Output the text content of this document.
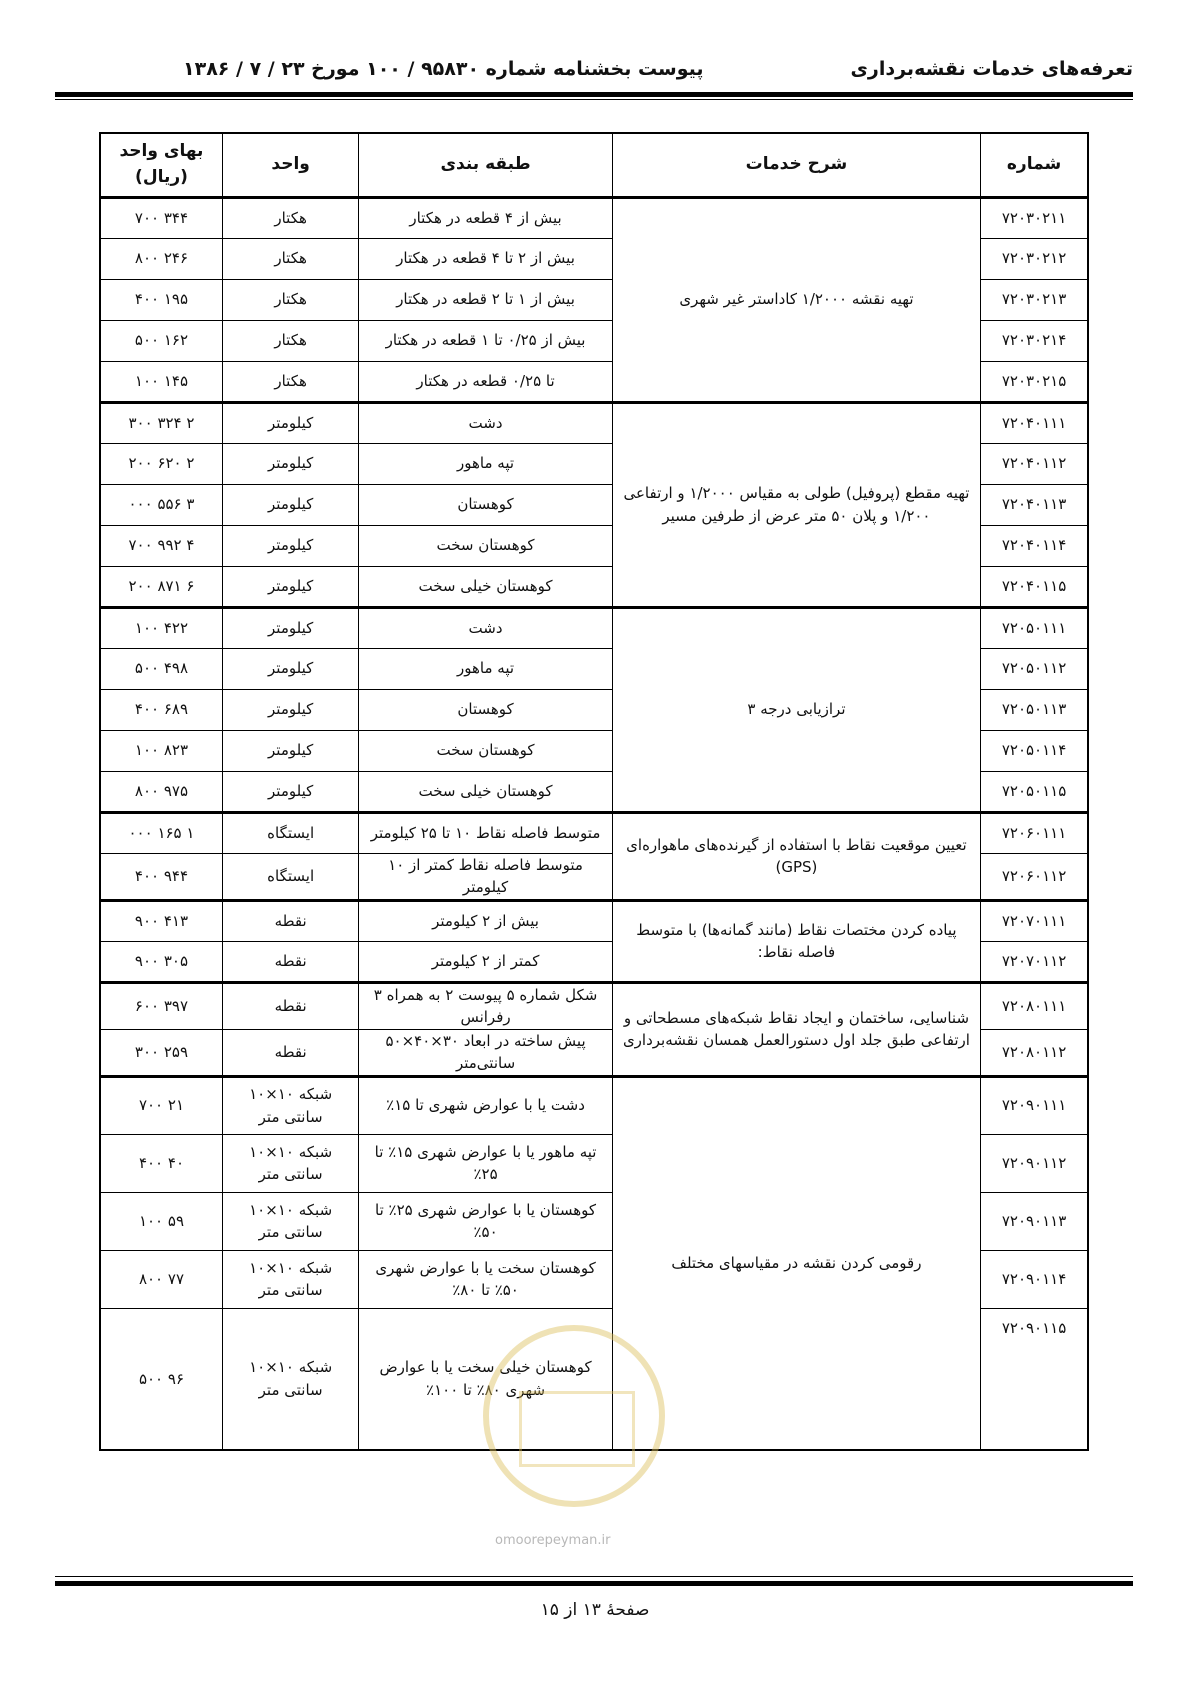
تعرفه‌های خدمات نقشه‌برداری
پیوست بخشنامه شماره ۹۵۸۳۰ / ۱۰۰ مورخ ۲۳ / ۷ / ۱۳۸۶
شماره	شرح خدمات	طبقه بندی	واحد	بهای واحد (ریال)
۷۲۰۳۰۲۱۱	تهیه نقشه ۱/۲۰۰۰ کاداستر غیر شهری	بیش از ۴ قطعه در هکتار	هکتار	۳۴۴ ۷۰۰
۷۲۰۳۰۲۱۲		بیش از ۲ تا ۴ قطعه در هکتار	هکتار	۲۴۶ ۸۰۰
۷۲۰۳۰۲۱۳		بیش از ۱ تا ۲ قطعه در هکتار	هکتار	۱۹۵ ۴۰۰
۷۲۰۳۰۲۱۴		بیش از ۰/۲۵ تا ۱ قطعه در هکتار	هکتار	۱۶۲ ۵۰۰
۷۲۰۳۰۲۱۵		تا ۰/۲۵ قطعه در هکتار	هکتار	۱۴۵ ۱۰۰
۷۲۰۴۰۱۱۱	تهیه مقطع (پروفیل) طولی به مقیاس ۱/۲۰۰۰ و ارتفاعی ۱/۲۰۰ و پلان ۵۰ متر عرض از طرفین مسیر	دشت	کیلومتر	۲ ۳۲۴ ۳۰۰
۷۲۰۴۰۱۱۲		تپه ماهور	کیلومتر	۲ ۶۲۰ ۲۰۰
۷۲۰۴۰۱۱۳		کوهستان	کیلومتر	۳ ۵۵۶ ۰۰۰
۷۲۰۴۰۱۱۴		کوهستان سخت	کیلومتر	۴ ۹۹۲ ۷۰۰
۷۲۰۴۰۱۱۵		کوهستان خیلی سخت	کیلومتر	۶ ۸۷۱ ۲۰۰
۷۲۰۵۰۱۱۱	ترازیابی درجه ۳	دشت	کیلومتر	۴۲۲ ۱۰۰
۷۲۰۵۰۱۱۲		تپه ماهور	کیلومتر	۴۹۸ ۵۰۰
۷۲۰۵۰۱۱۳		کوهستان	کیلومتر	۶۸۹ ۴۰۰
۷۲۰۵۰۱۱۴		کوهستان سخت	کیلومتر	۸۲۳ ۱۰۰
۷۲۰۵۰۱۱۵		کوهستان خیلی سخت	کیلومتر	۹۷۵ ۸۰۰
۷۲۰۶۰۱۱۱	تعیین موقعیت نقاط با استفاده از گیرنده‌های ماهواره‌ای (GPS)	متوسط فاصله نقاط ۱۰ تا ۲۵ کیلومتر	ایستگاه	۱ ۱۶۵ ۰۰۰
۷۲۰۶۰۱۱۲		متوسط فاصله نقاط کمتر از ۱۰ کیلومتر	ایستگاه	۹۴۴ ۴۰۰
۷۲۰۷۰۱۱۱	پیاده کردن مختصات نقاط (مانند گمانه‌ها) با متوسط فاصله نقاط:	بیش از ۲ کیلومتر	نقطه	۴۱۳ ۹۰۰
۷۲۰۷۰۱۱۲		کمتر از ۲ کیلومتر	نقطه	۳۰۵ ۹۰۰
۷۲۰۸۰۱۱۱	شناسایی، ساختمان و ایجاد نقاط شبکه‌های مسطحاتی و ارتفاعی طبق جلد اول دستورالعمل همسان نقشه‌برداری	شکل شماره ۵ پیوست ۲ به همراه ۳ رفرانس	نقطه	۳۹۷ ۶۰۰
۷۲۰۸۰۱۱۲		پیش ساخته در ابعاد ۳۰×۴۰×۵۰ سانتی‌متر	نقطه	۲۵۹ ۳۰۰
۷۲۰۹۰۱۱۱	رقومی کردن نقشه در مقیاسهای مختلف	دشت یا با عوارض شهری تا ۱۵٪	شبکه ۱۰×۱۰ سانتی متر	۲۱ ۷۰۰
۷۲۰۹۰۱۱۲		تپه ماهور یا با عوارض شهری ۱۵٪ تا ۲۵٪	شبکه ۱۰×۱۰ سانتی متر	۴۰ ۴۰۰
۷۲۰۹۰۱۱۳		کوهستان یا با عوارض شهری ۲۵٪ تا ۵۰٪	شبکه ۱۰×۱۰ سانتی متر	۵۹ ۱۰۰
۷۲۰۹۰۱۱۴		کوهستان سخت یا با عوارض شهری ۵۰٪ تا ۸۰٪	شبکه ۱۰×۱۰ سانتی متر	۷۷ ۸۰۰
۷۲۰۹۰۱۱۵		کوهستان خیلی سخت یا با عوارض شهری ۸۰٪ تا ۱۰۰٪	شبکه ۱۰×۱۰ سانتی متر	۹۶ ۵۰۰
omoorepeyman.ir
صفحهٔ ۱۳ از ۱۵
